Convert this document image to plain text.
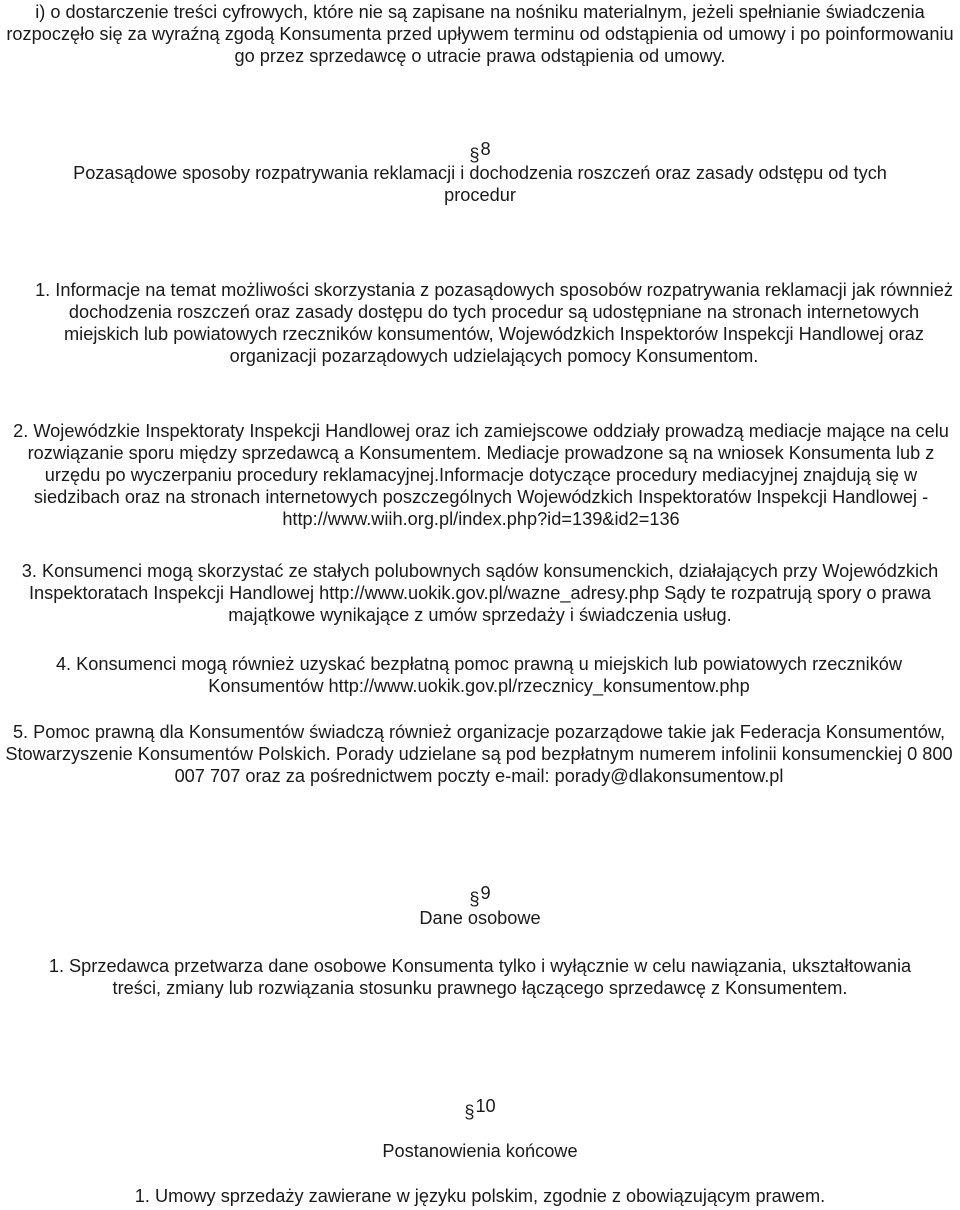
i) o dostarczenie treści cyfrowych, które nie są zapisane na nośniku materialnym, jeżeli spełnianie świadczenia rozpoczęło się za wyraźną zgodą Konsumenta przed upływem terminu od odstąpienia od umowy i po poinformowaniu go przez sprzedawcę o utracie prawa odstąpienia od umowy.
§8
Pozasądowe sposoby rozpatrywania reklamacji i dochodzenia roszczeń oraz zasady odstępu od tych
procedur
1. Informacje na temat możliwości skorzystania z pozasądowych sposobów rozpatrywania reklamacji jak równnież dochodzenia roszczeń oraz zasady dostępu do tych procedur są udostępniane na stronach internetowych miejskich lub powiatowych rzeczników konsumentów, Wojewódzkich Inspektorów Inspekcji Handlowej oraz organizacji pozarządowych udzielających pomocy Konsumentom.
2. Wojewódzkie Inspektoraty Inspekcji Handlowej oraz ich zamiejscowe oddziały prowadzą mediacje mające na celu rozwiązanie sporu między sprzedawcą a Konsumentem. Mediacje prowadzone są na wniosek Konsumenta lub z urzędu po wyczerpaniu procedury reklamacyjnej.Informacje dotyczące procedury mediacyjnej znajdują się w siedzibach oraz na stronach internetowych poszczególnych Wojewódzkich Inspektoratów Inspekcji Handlowej - http://www.wiih.org.pl/index.php?id=139&id2=136
3. Konsumenci mogą skorzystać ze stałych polubownych sądów konsumenckich, działających przy Wojewódzkich Inspektoratach Inspekcji Handlowej http://www.uokik.gov.pl/wazne_adresy.php Sądy te rozpatrują spory o prawa majątkowe wynikające z umów sprzedaży i świadczenia usług.
4. Konsumenci mogą również uzyskać bezpłatną pomoc prawną u miejskich lub powiatowych rzeczników Konsumentów http://www.uokik.gov.pl/rzecznicy_konsumentow.php
5. Pomoc prawną dla Konsumentów świadczą również organizacje pozarządowe takie jak Federacja Konsumentów, Stowarzyszenie Konsumentów Polskich. Porady udzielane są pod bezpłatnym numerem infolinii konsumenckiej 0 800 007 707 oraz za pośrednictwem poczty e-mail: porady@dlakonsumentow.pl
§9
Dane osobowe
1. Sprzedawca przetwarza dane osobowe Konsumenta tylko i wyłącznie w celu nawiązania, ukształtowania treści, zmiany lub rozwiązania stosunku prawnego łączącego sprzedawcę z Konsumentem.
§10
Postanowienia końcowe
1. Umowy sprzedaży zawierane w języku polskim, zgodnie z obowiązującym prawem.
